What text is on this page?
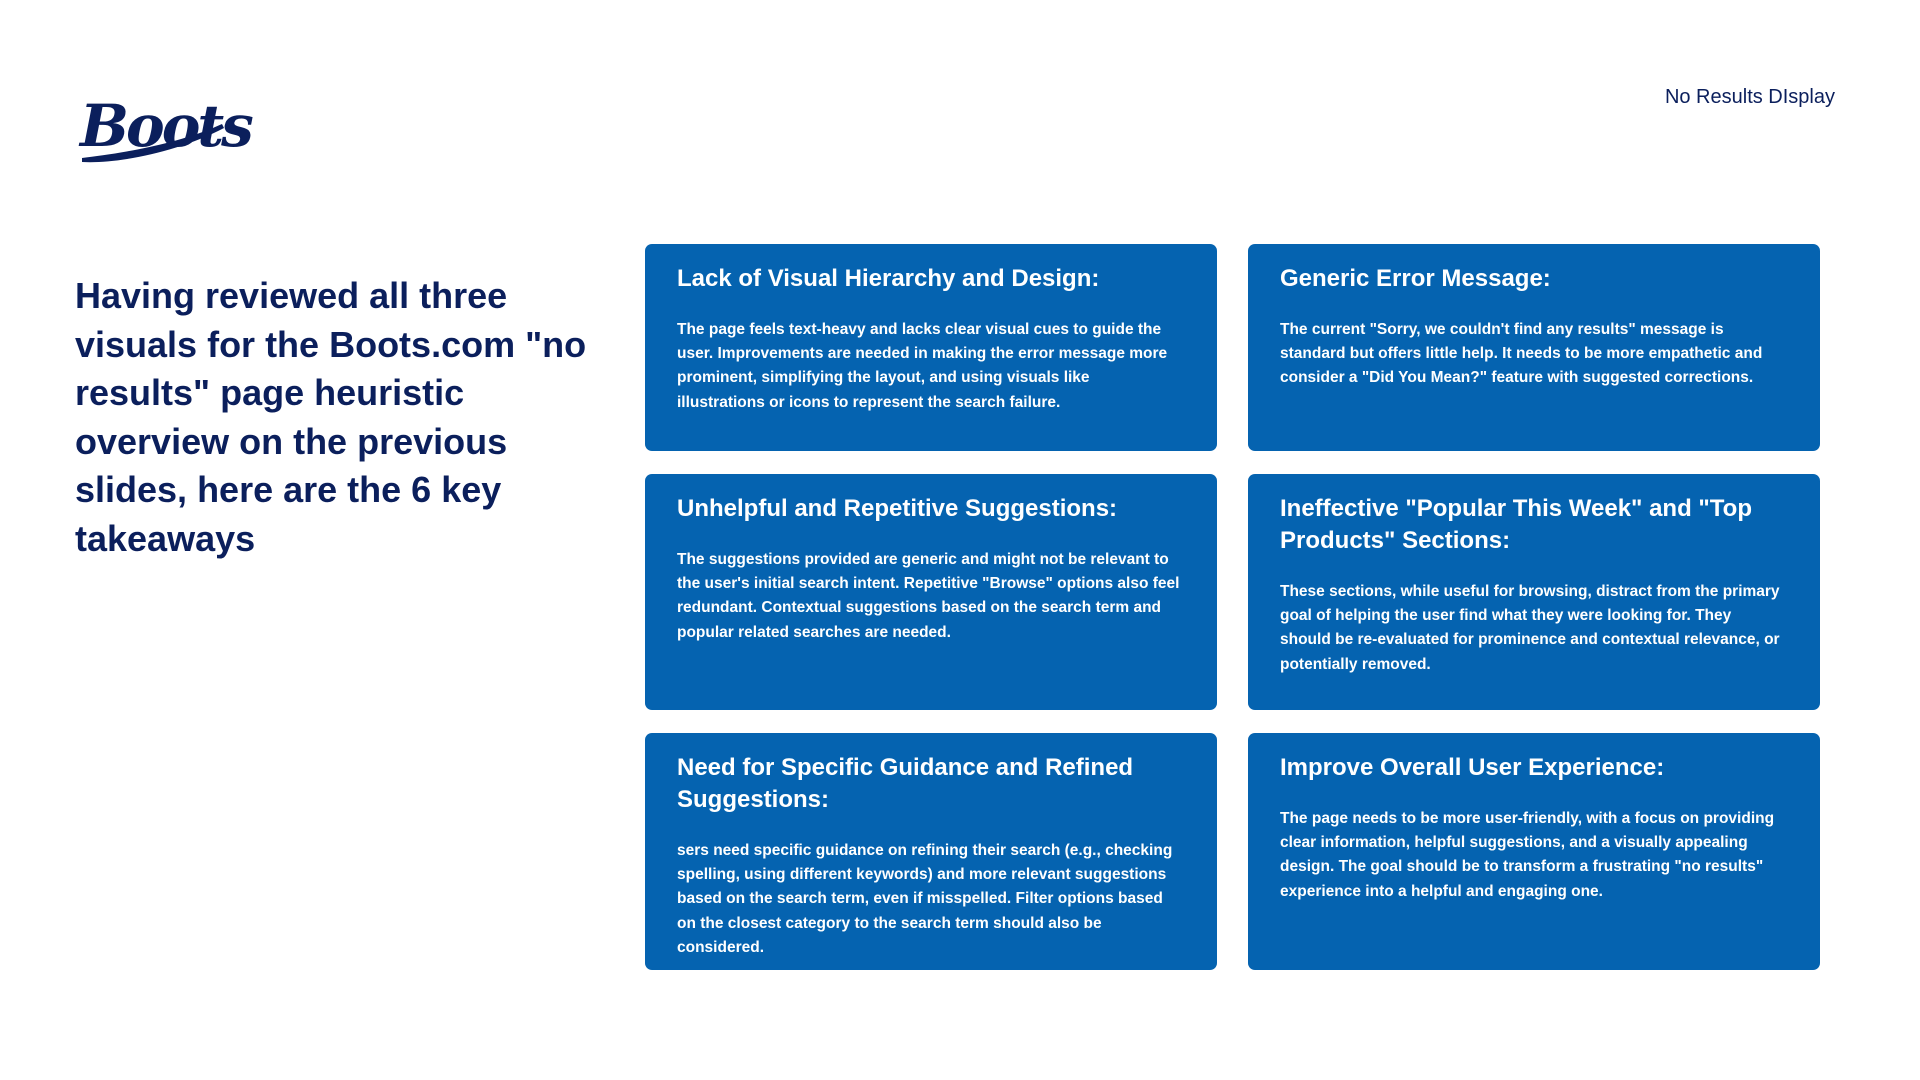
Boots	No Results DIsplay
Having reviewed all three visuals for the Boots.com "no results" page heuristic overview on the previous slides, here are the 6 key takeaways
Lack of Visual Hierarchy and Design:

The page feels text-heavy and lacks clear visual cues to guide the user. Improvements are needed in making the error message more prominent, simplifying the layout, and using visuals like illustrations or icons to represent the search failure.

Generic Error Message:

The current "Sorry, we couldn't find any results" message is standard but offers little help. It needs to be more empathetic and consider a "Did You Mean?" feature with suggested corrections.

Unhelpful and Repetitive Suggestions:

The suggestions provided are generic and might not be relevant to the user's initial search intent. Repetitive "Browse" options also feel redundant. Contextual suggestions based on the search term and popular related searches are needed.

Ineffective "Popular This Week" and "Top Products" Sections:

These sections, while useful for browsing, distract from the primary goal of helping the user find what they were looking for. They should be re-evaluated for prominence and contextual relevance, or potentially removed.

Need for Specific Guidance and Refined Suggestions:

sers need specific guidance on refining their search (e.g., checking spelling, using different keywords) and more relevant suggestions based on the search term, even if misspelled. Filter options based on the closest category to the search term should also be considered.

Improve Overall User Experience:

The page needs to be more user-friendly, with a focus on providing clear information, helpful suggestions, and a visually appealing design. The goal should be to transform a frustrating "no results" experience into a helpful and engaging one.
